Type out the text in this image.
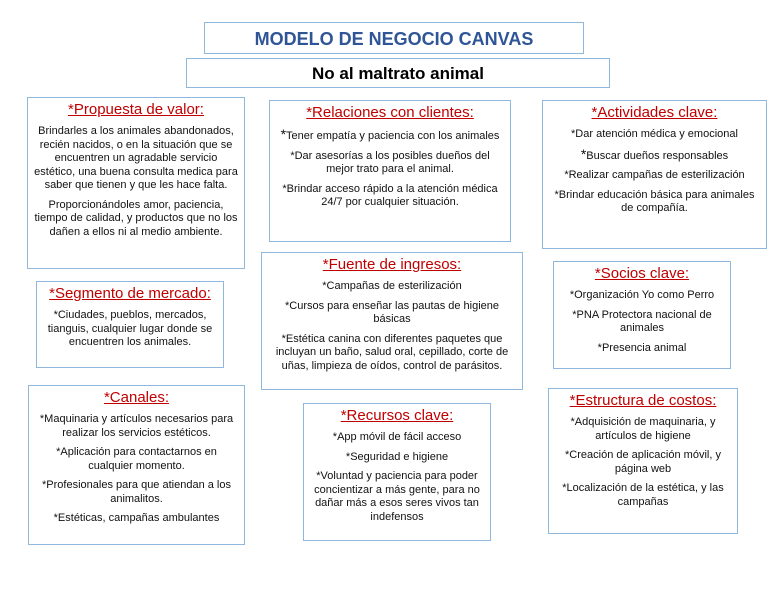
MODELO DE NEGOCIO CANVAS
No al maltrato animal
*Propuesta de valor:

Brindarles a los animales abandonados, recién nacidos, o en la situación que se encuentren un agradable servicio estético, una buena consulta medica para saber que tienen y que les hace falta.

Proporcionándoles amor, paciencia, tiempo de calidad, y productos que no los dañen a ellos ni al medio ambiente.

*Relaciones con clientes:

*Tener empatía y paciencia con los animales

*Dar asesorías a los posibles dueños del mejor trato para el animal.

*Brindar acceso rápido a la atención médica 24/7 por cualquier situación.

*Actividades clave:

*Dar atención médica y emocional

*Buscar dueños responsables

*Realizar campañas de esterilización

*Brindar educación básica para animales de compañía.

*Segmento de mercado:

*Ciudades, pueblos, mercados, tianguis, cualquier lugar donde se encuentren los animales.

*Fuente de ingresos:

*Campañas de esterilización

*Cursos para enseñar las pautas de higiene básicas

*Estética canina con diferentes paquetes que incluyan un baño, salud oral, cepillado, corte de uñas, limpieza de oídos, control de parásitos.

*Socios clave:

*Organización Yo como Perro

*PNA Protectora nacional de animales

*Presencia animal

*Canales:

*Maquinaria y artículos necesarios para realizar los servicios estéticos.

*Aplicación para contactarnos en cualquier momento.

*Profesionales para que atiendan a los animalitos.

*Estéticas, campañas ambulantes

*Recursos clave:

*App móvil de fácil acceso

*Seguridad e higiene

*Voluntad y paciencia para poder concientizar a más gente, para no dañar más a esos seres vivos tan indefensos

*Estructura de costos:

*Adquisición de maquinaria, y artículos de higiene

*Creación de aplicación móvil, y página web

*Localización de la estética, y las campañas
